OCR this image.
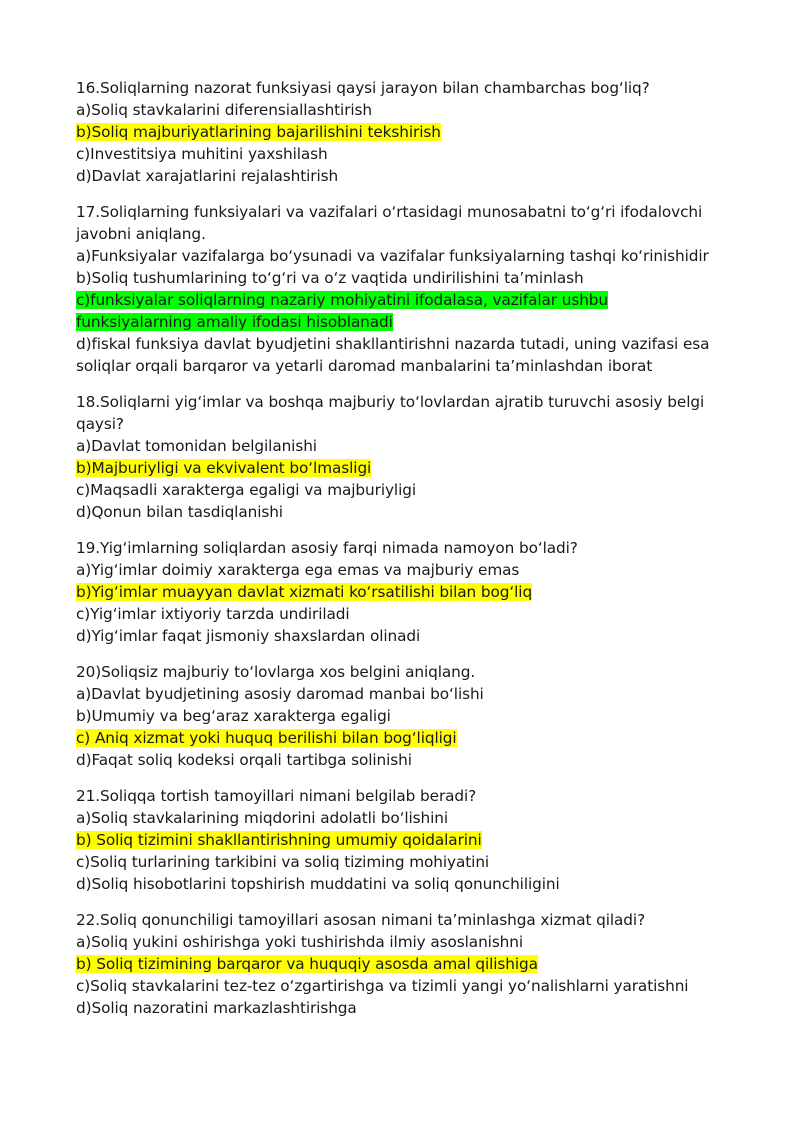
16.Soliqlarning nazorat funksiyasi qaysi jarayon bilan chambarchas bog‘liq?
a)Soliq stavkalarini diferensiallashtirish
b)Soliq majburiyatlarining bajarilishini tekshirish
c)Investitsiya muhitini yaxshilash
d)Davlat xarajatlarini rejalashtirish
17.Soliqlarning funksiyalari va vazifalari o‘rtasidagi munosabatni to‘g‘ri ifodalovchi
javobni aniqlang.
a)Funksiyalar vazifalarga bo‘ysunadi va vazifalar funksiyalarning tashqi ko‘rinishidir
b)Soliq tushumlarining to‘g‘ri va o‘z vaqtida undirilishini ta’minlash
c)funksiyalar soliqlarning nazariy mohiyatini ifodalasa, vazifalar ushbu
funksiyalarning amaliy ifodasi hisoblanadi
d)fiskal funksiya davlat byudjetini shakllantirishni nazarda tutadi, uning vazifasi esa
soliqlar orqali barqaror va yetarli daromad manbalarini ta’minlashdan iborat
18.Soliqlarni yig‘imlar va boshqa majburiy to‘lovlardan ajratib turuvchi asosiy belgi
qaysi?
a)Davlat tomonidan belgilanishi
b)Majburiyligi va ekvivalent bo‘lmasligi
c)Maqsadli xarakterga egaligi va majburiyligi
d)Qonun bilan tasdiqlanishi
19.Yig‘imlarning soliqlardan asosiy farqi nimada namoyon bo‘ladi?
a)Yig‘imlar doimiy xarakterga ega emas va majburiy emas
b)Yig‘imlar muayyan davlat xizmati ko‘rsatilishi bilan bog‘liq
c)Yig‘imlar ixtiyoriy tarzda undiriladi
d)Yig‘imlar faqat jismoniy shaxslardan olinadi
20)Soliqsiz majburiy to‘lovlarga xos belgini aniqlang.
a)Davlat byudjetining asosiy daromad manbai bo‘lishi
b)Umumiy va beg‘araz xarakterga egaligi
c) Aniq xizmat yoki huquq berilishi bilan bog‘liqligi
d)Faqat soliq kodeksi orqali tartibga solinishi
21.Soliqqa tortish tamoyillari nimani belgilab beradi?
a)Soliq stavkalarining miqdorini adolatli bo‘lishini
b) Soliq tizimini shakllantirishning umumiy qoidalarini
c)Soliq turlarining tarkibini va soliq tiziming mohiyatini
d)Soliq hisobotlarini topshirish muddatini va soliq qonunchiligini
22.Soliq qonunchiligi tamoyillari asosan nimani ta’minlashga xizmat qiladi?
a)Soliq yukini oshirishga yoki tushirishda ilmiy asoslanishni
b) Soliq tizimining barqaror va huquqiy asosda amal qilishiga
c)Soliq stavkalarini tez-tez o‘zgartirishga va tizimli yangi yo‘nalishlarni yaratishni
d)Soliq nazoratini markazlashtirishga
